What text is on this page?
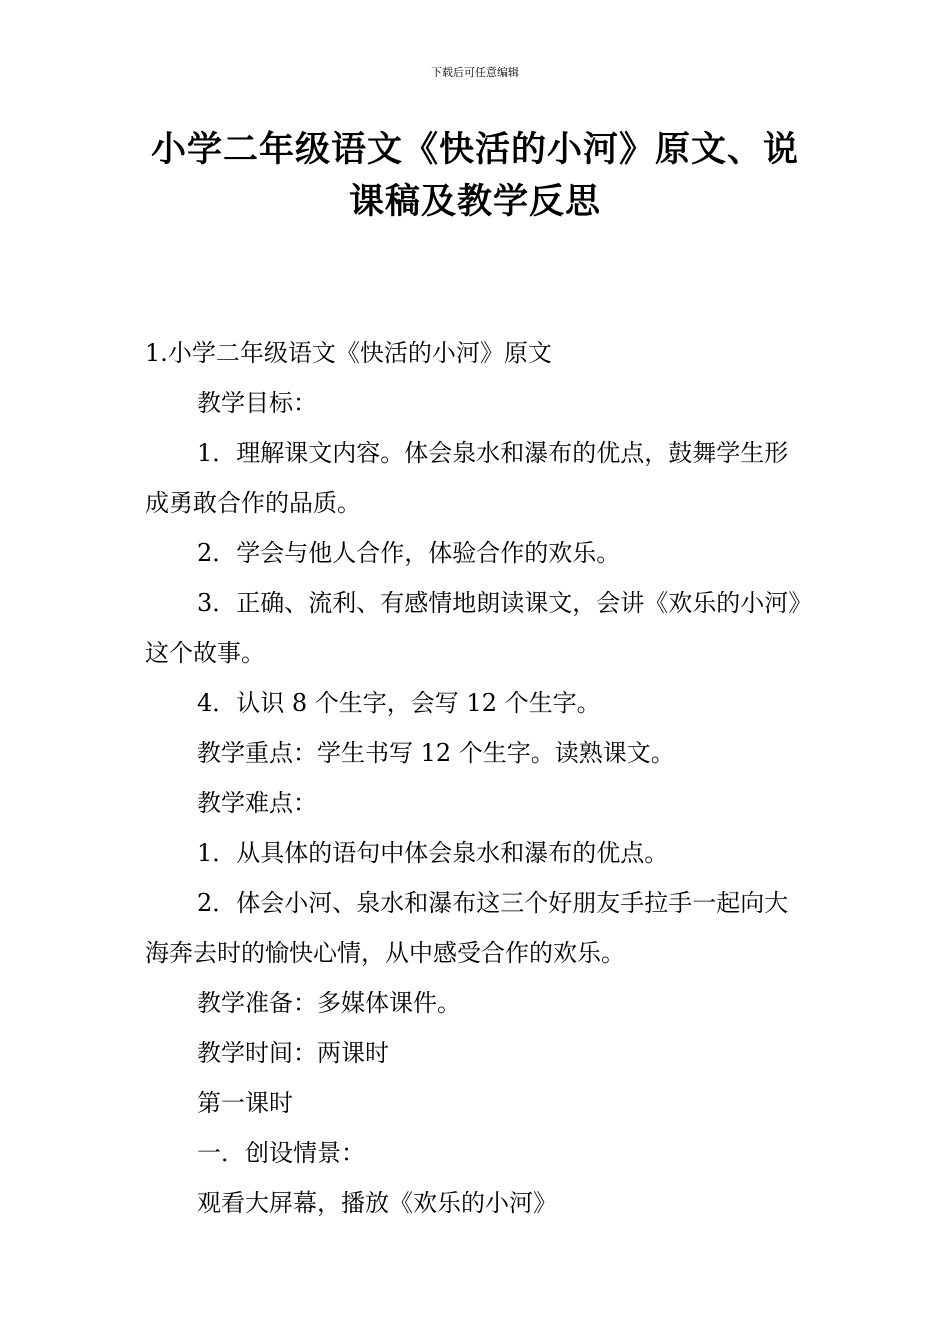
下载后可任意编辑
小学二年级语文《快活的小河》原文、说
课稿及教学反思

1.小学二年级语文《快活的小河》原文

教学目标：

1．理解课文内容。体会泉水和瀑布的优点，鼓舞学生形成勇敢合作的品质。

2．学会与他人合作，体验合作的欢乐。

3．正确、流利、有感情地朗读课文，会讲《欢乐的小河》这个故事。

4．认识 8 个生字，会写 12 个生字。

教学重点：学生书写 12 个生字。读熟课文。

教学难点：

1．从具体的语句中体会泉水和瀑布的优点。

2．体会小河、泉水和瀑布这三个好朋友手拉手一起向大海奔去时的愉快心情，从中感受合作的欢乐。

教学准备：多媒体课件。

教学时间：两课时

第一课时

一．创设情景：

观看大屏幕，播放《欢乐的小河》
